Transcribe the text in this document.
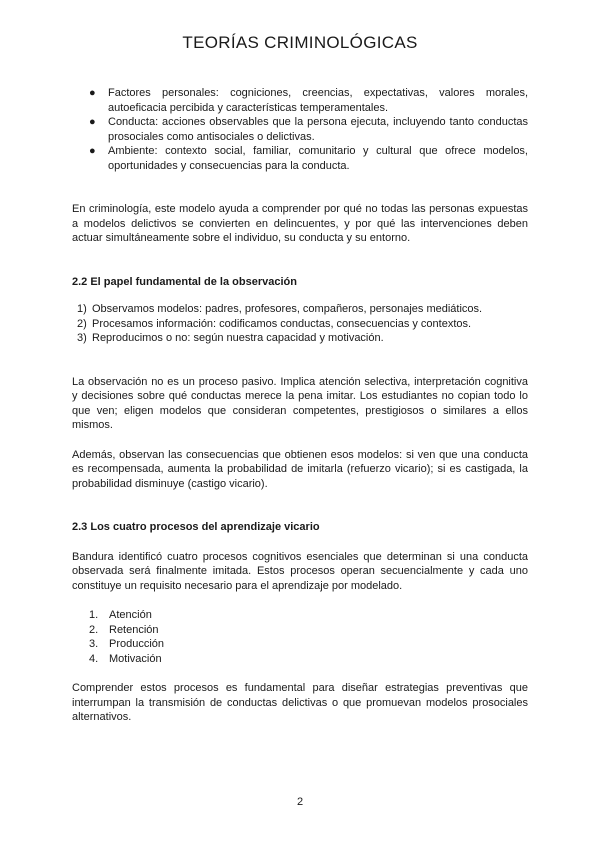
TEORÍAS CRIMINOLÓGICAS
● Factores personales: cogniciones, creencias, expectativas, valores morales, autoeficacia percibida y características temperamentales.
● Conducta: acciones observables que la persona ejecuta, incluyendo tanto conductas prosociales como antisociales o delictivas.
● Ambiente: contexto social, familiar, comunitario y cultural que ofrece modelos, oportunidades y consecuencias para la conducta.

En criminología, este modelo ayuda a comprender por qué no todas las personas expuestas a modelos delictivos se convierten en delincuentes, y por qué las intervenciones deben actuar simultáneamente sobre el individuo, su conducta y su entorno.

2.2 El papel fundamental de la observación
1) Observamos modelos: padres, profesores, compañeros, personajes mediáticos.
2) Procesamos información: codificamos conductas, consecuencias y contextos.
3) Reproducimos o no: según nuestra capacidad y motivación.

La observación no es un proceso pasivo. Implica atención selectiva, interpretación cognitiva y decisiones sobre qué conductas merece la pena imitar. Los estudiantes no copian todo lo que ven; eligen modelos que consideran competentes, prestigiosos o similares a ellos mismos.

Además, observan las consecuencias que obtienen esos modelos: si ven que una conducta es recompensada, aumenta la probabilidad de imitarla (refuerzo vicario); si es castigada, la probabilidad disminuye (castigo vicario).

2.3 Los cuatro procesos del aprendizaje vicario

Bandura identificó cuatro procesos cognitivos esenciales que determinan si una conducta observada será finalmente imitada. Estos procesos operan secuencialmente y cada uno constituye un requisito necesario para el aprendizaje por modelado.

1. Atención
2. Retención
3. Producción
4. Motivación

Comprender estos procesos es fundamental para diseñar estrategias preventivas que interrumpan la transmisión de conductas delictivas o que promuevan modelos prosociales alternativos.

2
